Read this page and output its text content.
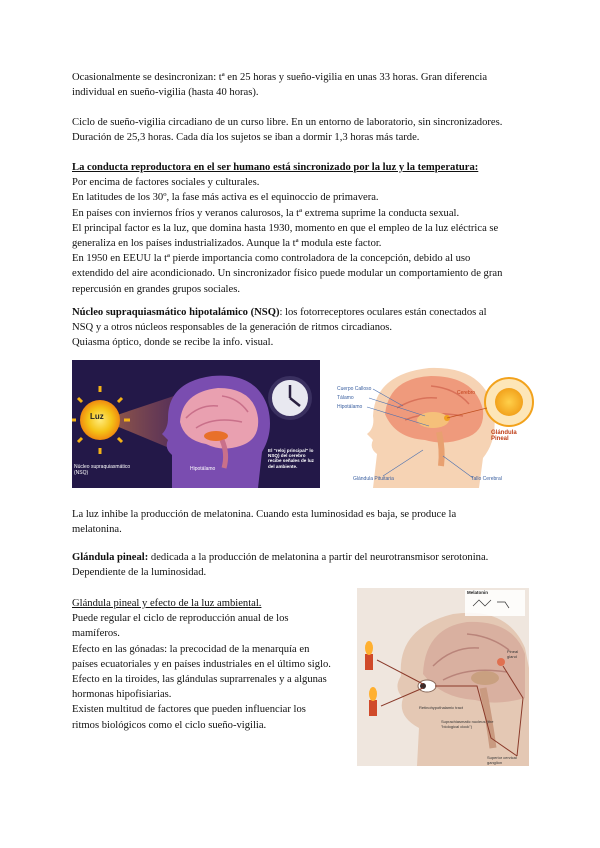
Ocasionalmente se desincronizan: tª en 25 horas y sueño-vigilia en unas 33 horas. Gran diferencia

individual en sueño-vigilia (hasta 40 horas).

Ciclo de sueño-vigilia circadiano de un curso libre. En un entorno de laboratorio, sin sincronizadores.

Duración de 25,3 horas. Cada día los sujetos se iban a dormir 1,3 horas más tarde.

La conducta reproductora en el ser humano está sincronizado por la luz y la temperatura:

Por encima de factores sociales y culturales.

En latitudes de los 30º, la fase más activa es el equinoccio de primavera.

En países con inviernos fríos y veranos calurosos, la tª extrema suprime la conducta sexual.

El principal factor es la luz, que domina hasta 1930, momento en que el empleo de la luz eléctrica se

generaliza en los países industrializados. Aunque la tª modula este factor.

En 1950 en EEUU la tª pierde importancia como controladora de la concepción, debido al uso

extendido del aire acondicionado. Un sincronizador físico puede modular un comportamiento de gran

repercusión en grandes grupos sociales.

Núcleo supraquiasmático hipotalámico (NSQ): los fotorreceptores oculares están conectados al

NSQ y a otros núcleos responsables de la generación de ritmos circadianos.

Quiasma óptico, donde se recibe la info. visual.

Luz
Núcleo supraquiasmático
(NSQ)
Hipotálamo
El "reloj principal" lo NSQ) del cerebro recibe señales de luz del ambiente.
Cuerpo Calloso
Tálamo
Hipotálamo
Cerebro
Glándula Pineal
Glándula Pituitaria	Tallo Cerebral

La luz inhibe la producción de melatonina. Cuando esta luminosidad es baja, se produce la

melatonina.

Glándula pineal: dedicada a la producción de melatonina a partir del neurotransmisor serotonina.

Dependiente de la luminosidad.

Glándula pineal y efecto de la luz ambiental.

Puede regular el ciclo de reproducción anual de los

mamíferos.

Efecto en las gónadas: la precocidad de la menarquía en

países ecuatoriales y en países industriales en el último siglo.

Efecto en la tiroides, las glándulas suprarrenales y a algunas

hormonas hipofisiarias.

Existen multitud de factores que pueden influenciar los

ritmos biológicos como el ciclo sueño-vigilia.

Melatonin
Retinohypothalamic tract
Suprachiasmatic nucleus (the "biological clock")
Pineal gland
Superior cervical ganglion
